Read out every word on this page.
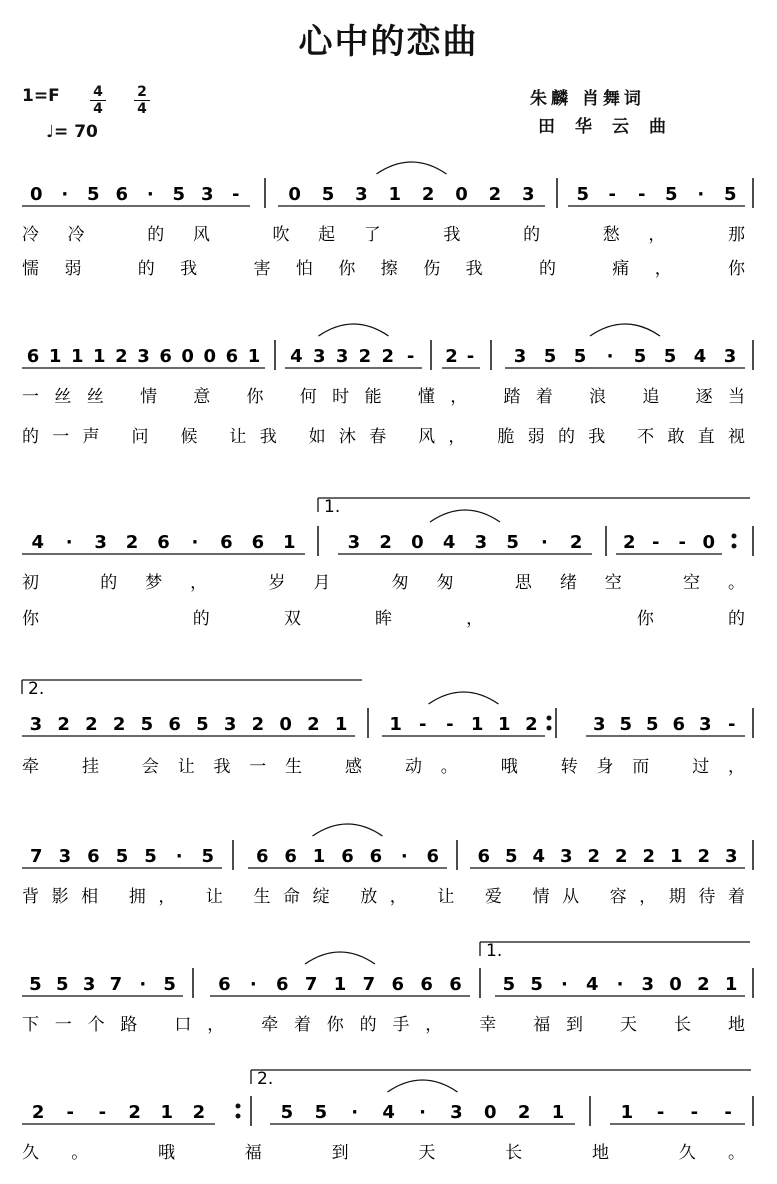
心中的恋曲
$1=F \frac{4}{4} \frac{2}{4}$
♩= 70
朱麟 肖舞词
田华云曲
0 · 5 6 · 5 3 -	0 5 3 1 2 0 2 3 5 - - 5 · 5
冷冷 的风 吹起了 我 的 愁， 那
懦弱 的我 害怕你擦伤我 的 痛， 你
6 1 1 1 2 3 6 0 0 6 1 4 3 3 2 2 - 2 - 3 5 5 · 5 5 4 3
一丝丝 情 意 你 何时能 懂， 踏着 浪 追 逐当
的一声 问 候 让我 如沐春 风， 脆弱的我 不敢直视
4 · 3 2 6 · 6 6 1	3 2 0 4 3 5 · 2 2 - - 0
初 的梦， 岁月 匆匆 思绪空 空。
你 的双眸， 你的
3 2 2 2 5 6 5 3 2 0 2 1 1 - - 1 1 2	3 5 5 6 3 -
牵 挂 会让我一生 感 动。 哦 转身而 过，
7 3 6 5 5 · 5 6 6 1 6 6 · 6 6 5 4 3 2 2 2 1 2 3
背影相 拥， 让 生命绽 放， 让 爱 情从 容，期待着
5 5 3 7 · 5 6 · 6 7 1 7 6 6 6 5 5 · 4 · 3 0 2 1
下一个路 口， 牵着你的手， 幸 福到 天 长 地
2 - - 2 1 2	5 5 · 4 · 3 0 2 1	1 - - -
久。 哦 福 到 天 长 地 久。
1.
2.
1.
2.
